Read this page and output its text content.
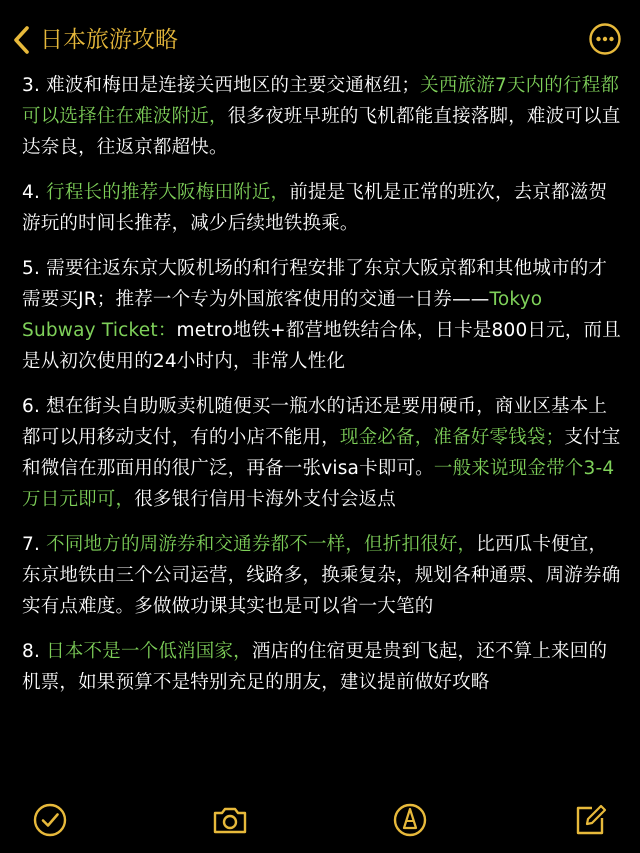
日本旅游攻略

3. 难波和梅田是连接关西地区的主要交通枢纽；关西旅游7天内的行程都可以选择住在难波附近，很多夜班早班的飞机都能直接落脚，难波可以直达奈良，往返京都超快。

4. 行程长的推荐大阪梅田附近，前提是飞机是正常的班次，去京都滋贺游玩的时间长推荐，减少后续地铁换乘。

5. 需要往返东京大阪机场的和行程安排了东京大阪京都和其他城市的才需要买JR；推荐一个专为外国旅客使用的交通一日券——Tokyo Subway Ticket：metro地铁+都营地铁结合体，日卡是800日元，而且是从初次使用的24小时内，非常人性化

6. 想在街头自助贩卖机随便买一瓶水的话还是要用硬币，商业区基本上都可以用移动支付，有的小店不能用，现金必备，准备好零钱袋；支付宝和微信在那面用的很广泛，再备一张visa卡即可。一般来说现金带个3-4万日元即可，很多银行信用卡海外支付会返点

7. 不同地方的周游券和交通券都不一样，但折扣很好，比西瓜卡便宜，东京地铁由三个公司运营，线路多，换乘复杂，规划各种通票、周游券确实有点难度。多做做功课其实也是可以省一大笔的

8. 日本不是一个低消国家，酒店的住宿更是贵到飞起，还不算上来回的机票，如果预算不是特别充足的朋友，建议提前做好攻略
